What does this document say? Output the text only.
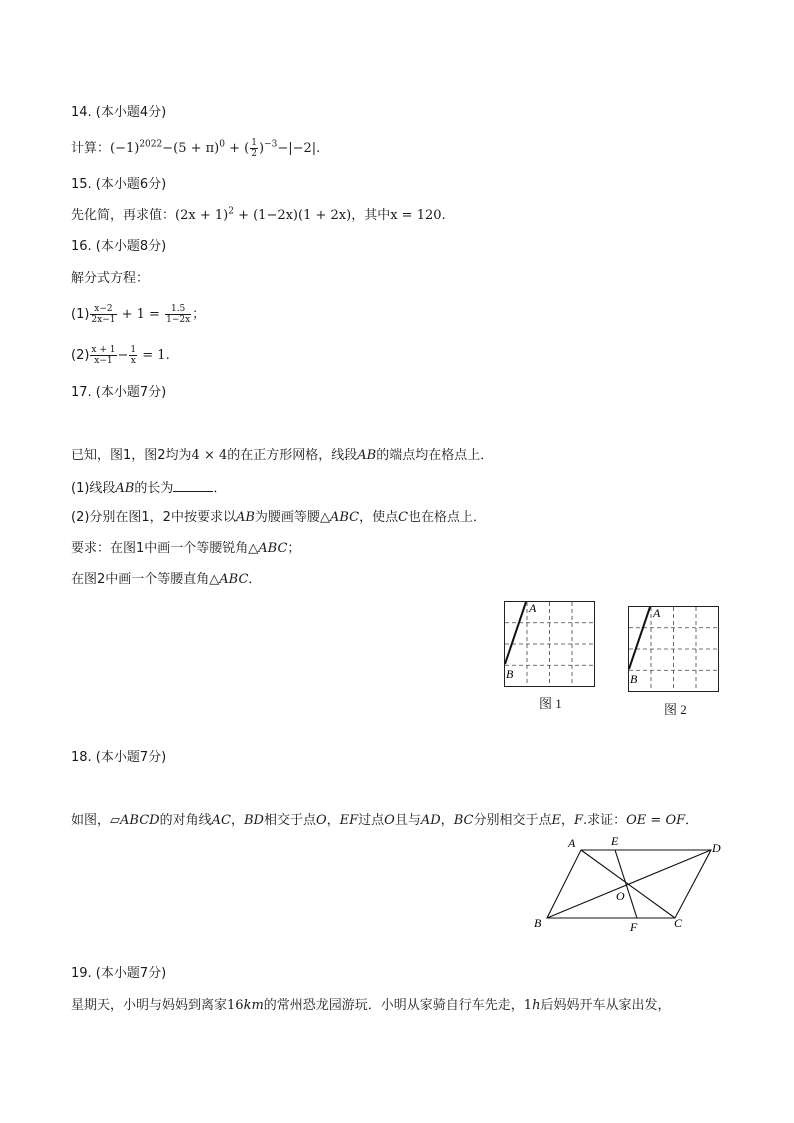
14. (本小题4分)
计算：$(-1)^{2022}-(5 + \pi)^0$ + ( $\frac{1}{2} )^{-3}-|-2|$.
15. (本小题6分)
先化简，再求值：$(2x + 1)^2 + (1-2x)(1 + 2x)$，其中x = 120.
16. (本小题8分)
解分式方程：
$(1) \frac{x-2}{2x-1} + 1 = \frac{1.5}{1-2x}$ ；
$(2) \frac{x + 1}{x-1} - \frac{1}{x} = 1$.
17. (本小题7分)
已知，图1，图2均为4 × 4的在正方形网格，线段AB的端点均在格点上．
(1)线段AB的长为	．
(2)分别在图1，2中按要求以AB为腰画等腰△ABC，使点C也在格点上．
要求：在图1中画一个等腰锐角△ABC；
在图2中画一个等腰直角△ABC．
A
B
图 1
A
B
图 2
18. (本小题7分)
如图，▱ABCD的对角线AC，BD相交于点O，EF过点O且与AD，BC分别相交于点E，F.求证：OE = OF．
A	E	D
O
B	F	C
19. (本小题7分)
星期天，小明与妈妈到离家16km的常州恐龙园游玩．小明从家骑自行车先走，1h后妈妈开车从家出发，
